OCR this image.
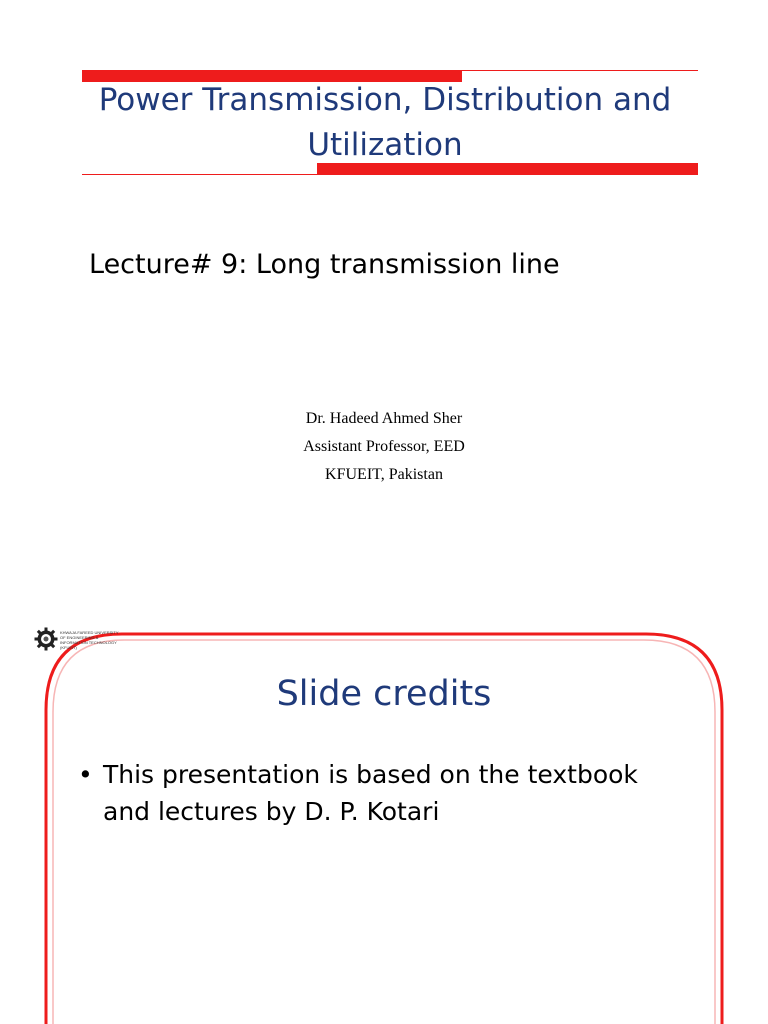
Power Transmission, Distribution and Utilization
Lecture# 9: Long transmission line
Dr. Hadeed Ahmed Sher
Assistant Professor, EED
KFUEIT, Pakistan
KHWAJA FAREED UNIVERSITY OF ENGINEERING & INFORMATION TECHNOLOGY (KFUEIT)
Slide credits
• This presentation is based on the textbook and lectures by D. P. Kotari
